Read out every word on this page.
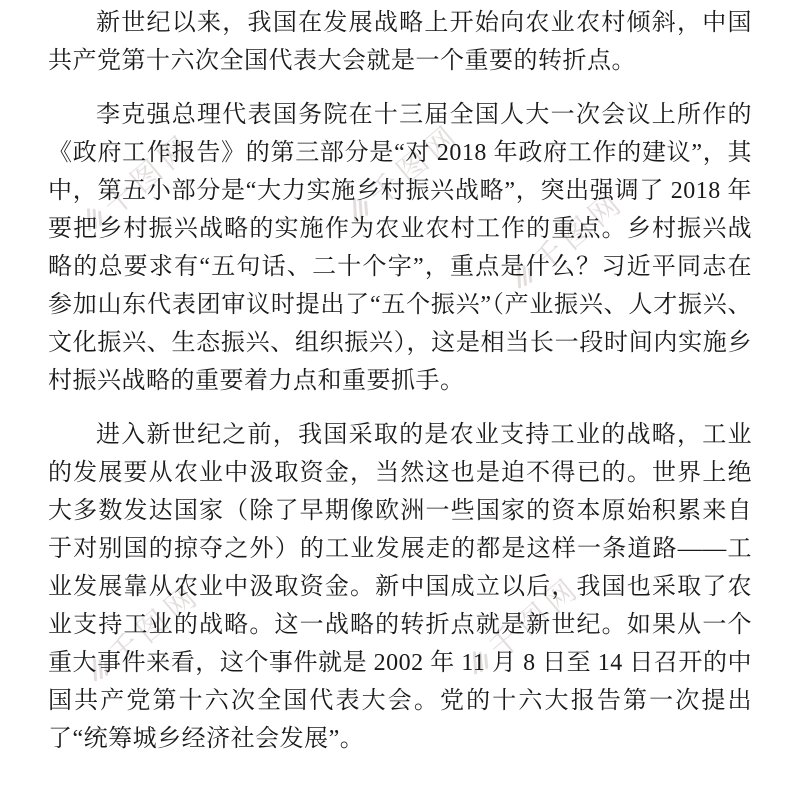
千图网	千图网
千图网
千图网	千图网

新世纪以来，我国在发展战略上开始向农业农村倾斜，中国共产党第十六次全国代表大会就是一个重要的转折点。

李克强总理代表国务院在十三届全国人大一次会议上所作的《政府工作报告》的第三部分是“对 2018 年政府工作的建议”，其中，第五小部分是“大力实施乡村振兴战略”，突出强调了 2018 年要把乡村振兴战略的实施作为农业农村工作的重点。乡村振兴战略的总要求有“五句话、二十个字”，重点是什么？习近平同志在参加山东代表团审议时提出了“五个振兴”（产业振兴、人才振兴、文化振兴、生态振兴、组织振兴），这是相当长一段时间内实施乡村振兴战略的重要着力点和重要抓手。

进入新世纪之前，我国采取的是农业支持工业的战略，工业的发展要从农业中汲取资金，当然这也是迫不得已的。世界上绝大多数发达国家（除了早期像欧洲一些国家的资本原始积累来自于对别国的掠夺之外）的工业发展走的都是这样一条道路——工业发展靠从农业中汲取资金。新中国成立以后，我国也采取了农业支持工业的战略。这一战略的转折点就是新世纪。如果从一个重大事件来看，这个事件就是 2002 年 11 月 8 日至 14 日召开的中国共产党第十六次全国代表大会。党的十六大报告第一次提出了“统筹城乡经济社会发展”。
